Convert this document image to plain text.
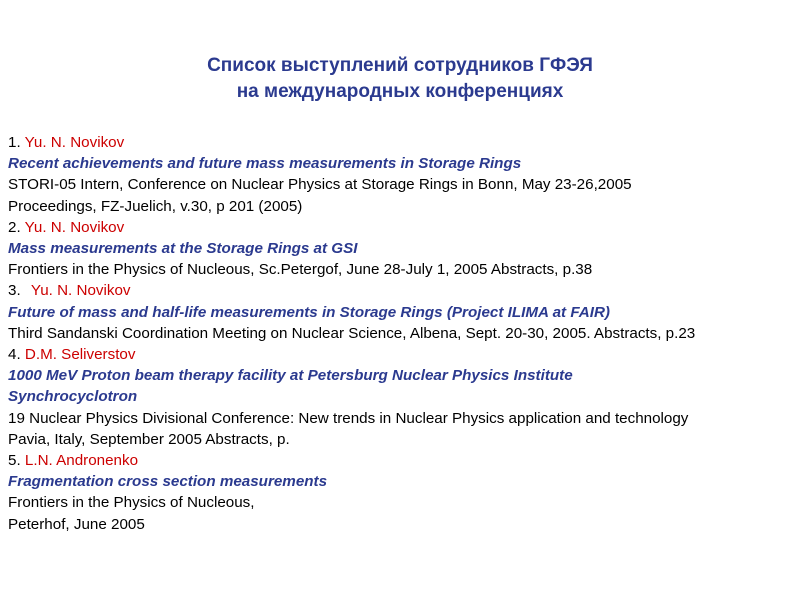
Список выступлений сотрудников ГФЭЯ
на международных конференциях
1. Yu. N. Novikov
Recent achievements and future mass measurements in Storage Rings
STORI-05 Intern, Conference on Nuclear Physics at Storage Rings in Bonn, May 23-26,2005
Proceedings, FZ-Juelich, v.30, p 201 (2005)
2. Yu. N. Novikov
Mass measurements at the Storage Rings at GSI
Frontiers in the Physics of Nucleous, Sc.Petergof, June 28-July 1, 2005 Abstracts, p.38
3. Yu. N. Novikov
Future of mass and half-life measurements in Storage Rings (Project ILIMA at FAIR)
Third Sandanski Coordination Meeting on Nuclear Science, Albena, Sept. 20-30, 2005. Abstracts, p.23
4. D.M. Seliverstov
1000 MeV Proton beam therapy facility at Petersburg Nuclear Physics Institute Synchrocyclotron
19 Nuclear Physics Divisional Conference: New trends in Nuclear Physics application and technology
Pavia, Italy, September 2005 Abstracts, p.
5. L.N. Andronenko
Fragmentation cross section measurements
Frontiers in the Physics of Nucleous,
Peterhof, June 2005
